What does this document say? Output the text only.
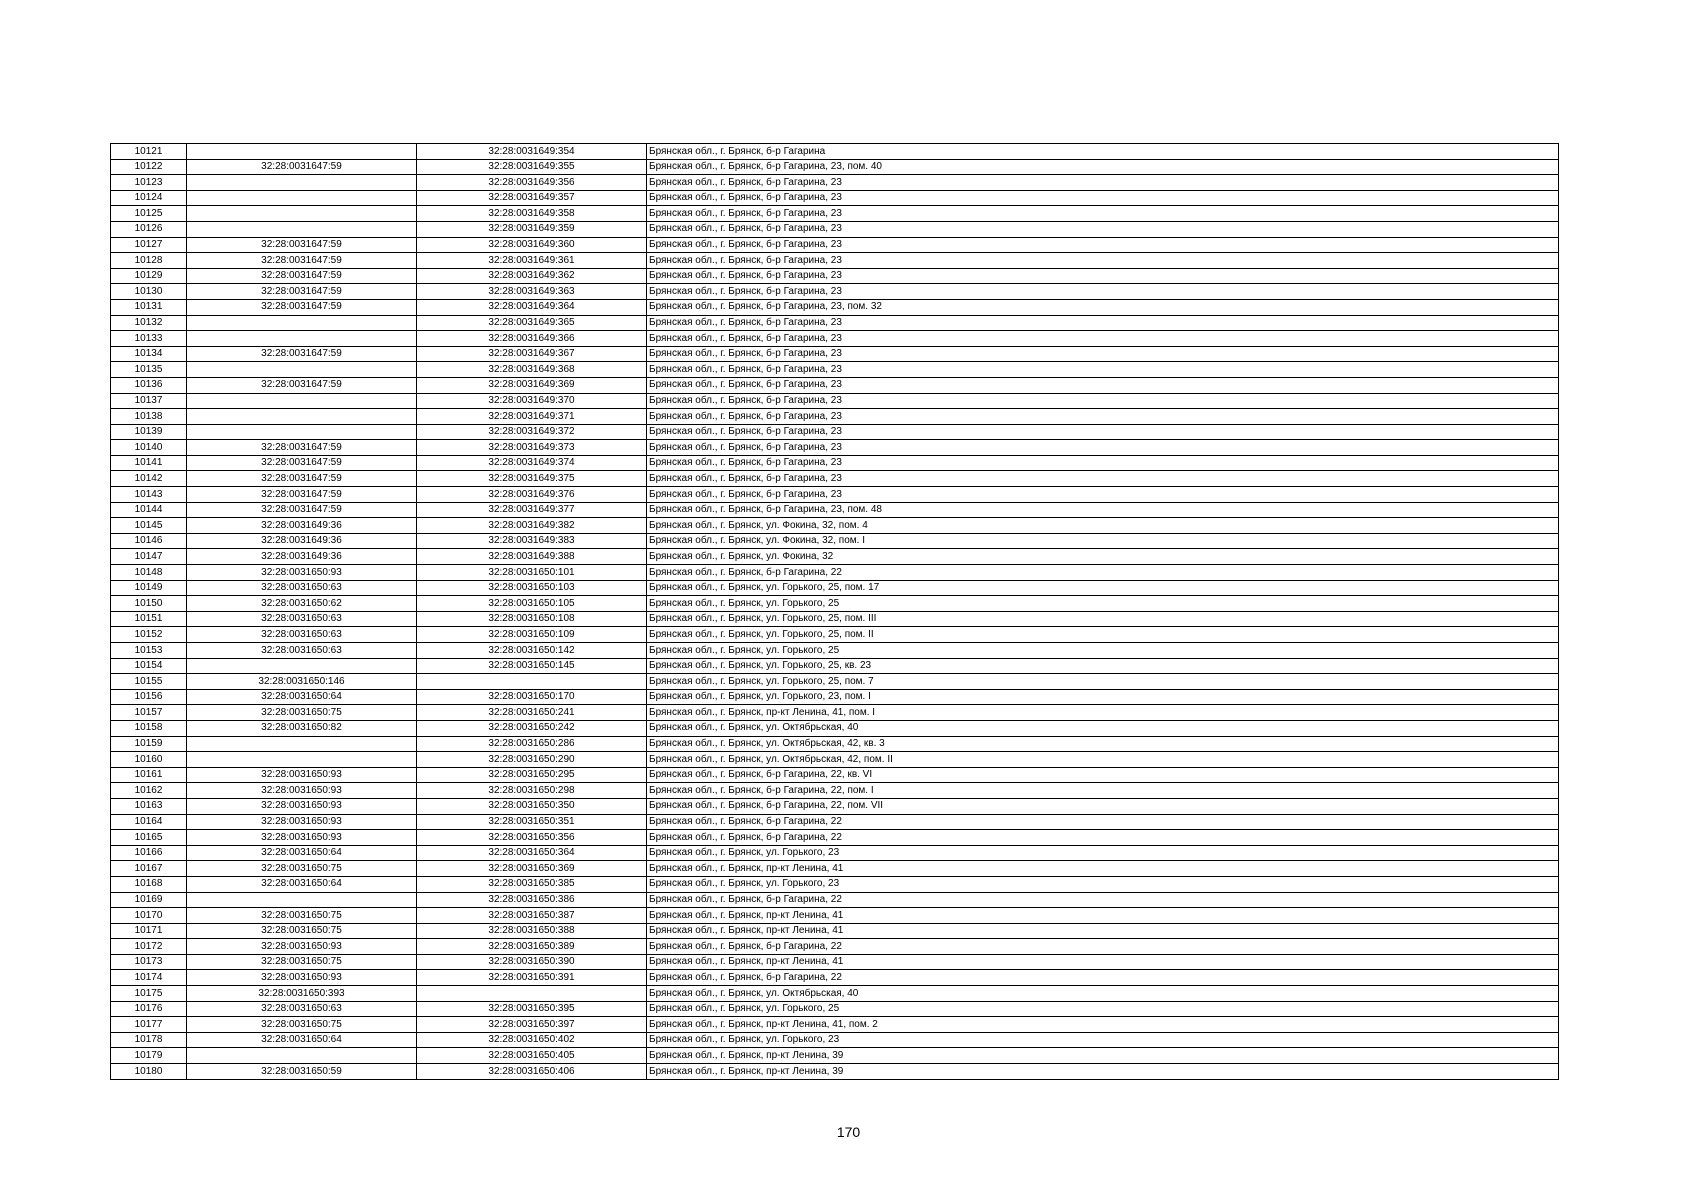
10121		32:28:0031649:354	Брянская обл., г. Брянск, б-р Гагарина
10122	32:28:0031647:59	32:28:0031649:355	Брянская обл., г. Брянск, б-р Гагарина, 23, пом. 40
10123		32:28:0031649:356	Брянская обл., г. Брянск, б-р Гагарина, 23
10124		32:28:0031649:357	Брянская обл., г. Брянск, б-р Гагарина, 23
10125		32:28:0031649:358	Брянская обл., г. Брянск, б-р Гагарина, 23
10126		32:28:0031649:359	Брянская обл., г. Брянск, б-р Гагарина, 23
10127	32:28:0031647:59	32:28:0031649:360	Брянская обл., г. Брянск, б-р Гагарина, 23
10128	32:28:0031647:59	32:28:0031649:361	Брянская обл., г. Брянск, б-р Гагарина, 23
10129	32:28:0031647:59	32:28:0031649:362	Брянская обл., г. Брянск, б-р Гагарина, 23
10130	32:28:0031647:59	32:28:0031649:363	Брянская обл., г. Брянск, б-р Гагарина, 23
10131	32:28:0031647:59	32:28:0031649:364	Брянская обл., г. Брянск, б-р Гагарина, 23, пом. 32
10132		32:28:0031649:365	Брянская обл., г. Брянск, б-р Гагарина, 23
10133		32:28:0031649:366	Брянская обл., г. Брянск, б-р Гагарина, 23
10134	32:28:0031647:59	32:28:0031649:367	Брянская обл., г. Брянск, б-р Гагарина, 23
10135		32:28:0031649:368	Брянская обл., г. Брянск, б-р Гагарина, 23
10136	32:28:0031647:59	32:28:0031649:369	Брянская обл., г. Брянск, б-р Гагарина, 23
10137		32:28:0031649:370	Брянская обл., г. Брянск, б-р Гагарина, 23
10138		32:28:0031649:371	Брянская обл., г. Брянск, б-р Гагарина, 23
10139		32:28:0031649:372	Брянская обл., г. Брянск, б-р Гагарина, 23
10140	32:28:0031647:59	32:28:0031649:373	Брянская обл., г. Брянск, б-р Гагарина, 23
10141	32:28:0031647:59	32:28:0031649:374	Брянская обл., г. Брянск, б-р Гагарина, 23
10142	32:28:0031647:59	32:28:0031649:375	Брянская обл., г. Брянск, б-р Гагарина, 23
10143	32:28:0031647:59	32:28:0031649:376	Брянская обл., г. Брянск, б-р Гагарина, 23
10144	32:28:0031647:59	32:28:0031649:377	Брянская обл., г. Брянск, б-р Гагарина, 23, пом. 48
10145	32:28:0031649:36	32:28:0031649:382	Брянская обл., г. Брянск, ул. Фокина, 32, пом. 4
10146	32:28:0031649:36	32:28:0031649:383	Брянская обл., г. Брянск, ул. Фокина, 32, пом. I
10147	32:28:0031649:36	32:28:0031649:388	Брянская обл., г. Брянск, ул. Фокина, 32
10148	32:28:0031650:93	32:28:0031650:101	Брянская обл., г. Брянск, б-р Гагарина, 22
10149	32:28:0031650:63	32:28:0031650:103	Брянская обл., г. Брянск, ул. Горького, 25, пом. 17
10150	32:28:0031650:62	32:28:0031650:105	Брянская обл., г. Брянск, ул. Горького, 25
10151	32:28:0031650:63	32:28:0031650:108	Брянская обл., г. Брянск, ул. Горького, 25, пом. III
10152	32:28:0031650:63	32:28:0031650:109	Брянская обл., г. Брянск, ул. Горького, 25, пом. II
10153	32:28:0031650:63	32:28:0031650:142	Брянская обл., г. Брянск, ул. Горького, 25
10154		32:28:0031650:145	Брянская обл., г. Брянск, ул. Горького, 25, кв. 23
10155	32:28:0031650:146		Брянская обл., г. Брянск, ул. Горького, 25, пом. 7
10156	32:28:0031650:64	32:28:0031650:170	Брянская обл., г. Брянск, ул. Горького, 23, пом. I
10157	32:28:0031650:75	32:28:0031650:241	Брянская обл., г. Брянск, пр-кт Ленина, 41, пом. I
10158	32:28:0031650:82	32:28:0031650:242	Брянская обл., г. Брянск, ул. Октябрьская, 40
10159		32:28:0031650:286	Брянская обл., г. Брянск, ул. Октябрьская, 42, кв. 3
10160		32:28:0031650:290	Брянская обл., г. Брянск, ул. Октябрьская, 42, пом. II
10161	32:28:0031650:93	32:28:0031650:295	Брянская обл., г. Брянск, б-р Гагарина, 22, кв. VI
10162	32:28:0031650:93	32:28:0031650:298	Брянская обл., г. Брянск, б-р Гагарина, 22, пом. I
10163	32:28:0031650:93	32:28:0031650:350	Брянская обл., г. Брянск, б-р Гагарина, 22, пом. VII
10164	32:28:0031650:93	32:28:0031650:351	Брянская обл., г. Брянск, б-р Гагарина, 22
10165	32:28:0031650:93	32:28:0031650:356	Брянская обл., г. Брянск, б-р Гагарина, 22
10166	32:28:0031650:64	32:28:0031650:364	Брянская обл., г. Брянск, ул. Горького, 23
10167	32:28:0031650:75	32:28:0031650:369	Брянская обл., г. Брянск, пр-кт Ленина, 41
10168	32:28:0031650:64	32:28:0031650:385	Брянская обл., г. Брянск, ул. Горького, 23
10169		32:28:0031650:386	Брянская обл., г. Брянск, б-р Гагарина, 22
10170	32:28:0031650:75	32:28:0031650:387	Брянская обл., г. Брянск, пр-кт Ленина, 41
10171	32:28:0031650:75	32:28:0031650:388	Брянская обл., г. Брянск, пр-кт Ленина, 41
10172	32:28:0031650:93	32:28:0031650:389	Брянская обл., г. Брянск, б-р Гагарина, 22
10173	32:28:0031650:75	32:28:0031650:390	Брянская обл., г. Брянск, пр-кт Ленина, 41
10174	32:28:0031650:93	32:28:0031650:391	Брянская обл., г. Брянск, б-р Гагарина, 22
10175	32:28:0031650:393		Брянская обл., г. Брянск, ул. Октябрьская, 40
10176	32:28:0031650:63	32:28:0031650:395	Брянская обл., г. Брянск, ул. Горького, 25
10177	32:28:0031650:75	32:28:0031650:397	Брянская обл., г. Брянск, пр-кт Ленина, 41, пом. 2
10178	32:28:0031650:64	32:28:0031650:402	Брянская обл., г. Брянск, ул. Горького, 23
10179		32:28:0031650:405	Брянская обл., г. Брянск, пр-кт Ленина, 39
10180	32:28:0031650:59	32:28:0031650:406	Брянская обл., г. Брянск, пр-кт Ленина, 39
170
